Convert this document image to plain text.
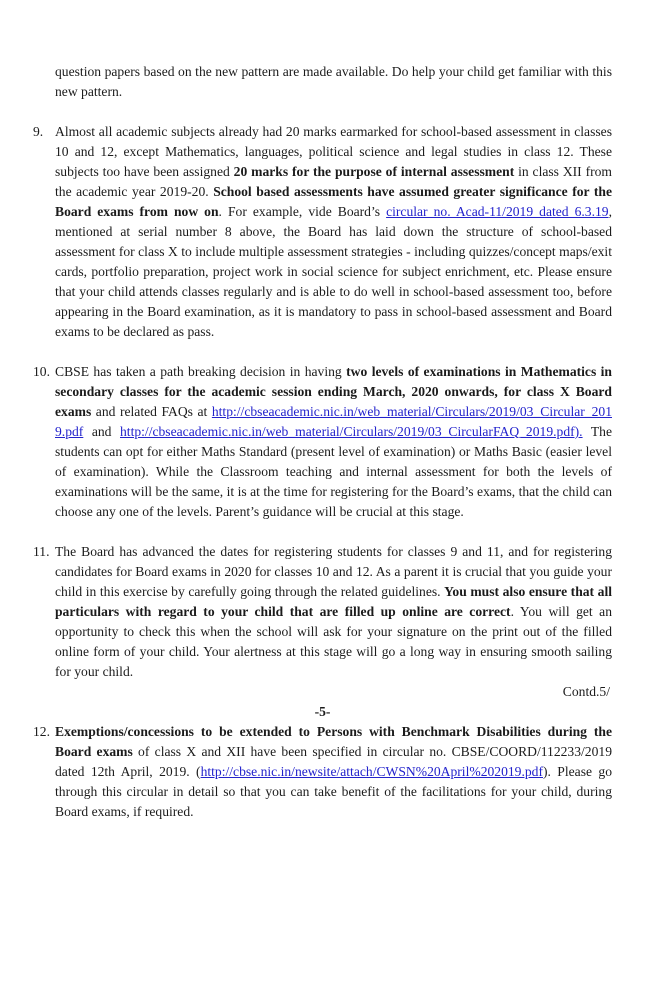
question papers based on the new pattern are made available. Do help your child get familiar with this new pattern.

9. Almost all academic subjects already had 20 marks earmarked for school-based assessment in classes 10 and 12, except Mathematics, languages, political science and legal studies in class 12. These subjects too have been assigned 20 marks for the purpose of internal assessment in class XII from the academic year 2019-20. School based assessments have assumed greater significance for the Board exams from now on. For example, vide Board’s circular no. Acad-11/2019 dated 6.3.19, mentioned at serial number 8 above, the Board has laid down the structure of school-based assessment for class X to include multiple assessment strategies - including quizzes/concept maps/exit cards, portfolio preparation, project work in social science for subject enrichment, etc. Please ensure that your child attends classes regularly and is able to do well in school-based assessment too, before appearing in the Board examination, as it is mandatory to pass in school-based assessment and Board exams to be declared as pass.

10. CBSE has taken a path breaking decision in having two levels of examinations in Mathematics in secondary classes for the academic session ending March, 2020 onwards, for class X Board exams and related FAQs at http://cbseacademic.nic.in/web_material/Circulars/2019/03_Circular_2019.pdf and http://cbseacademic.nic.in/web_material/Circulars/2019/03_CircularFAQ_2019.pdf). The students can opt for either Maths Standard (present level of examination) or Maths Basic (easier level of examination). While the Classroom teaching and internal assessment for both the levels of examinations will be the same, it is at the time for registering for the Board’s exams, that the child can choose any one of the levels. Parent’s guidance will be crucial at this stage.

11. The Board has advanced the dates for registering students for classes 9 and 11, and for registering candidates for Board exams in 2020 for classes 10 and 12. As a parent it is crucial that you guide your child in this exercise by carefully going through the related guidelines. You must also ensure that all particulars with regard to your child that are filled up online are correct. You will get an opportunity to check this when the school will ask for your signature on the print out of the filled online form of your child. Your alertness at this stage will go a long way in ensuring smooth sailing for your child.

Contd.5/
-5-
12. Exemptions/concessions to be extended to Persons with Benchmark Disabilities during the Board exams of class X and XII have been specified in circular no. CBSE/COORD/112233/2019 dated 12th April, 2019. (http://cbse.nic.in/newsite/attach/CWSN%20April%202019.pdf). Please go through this circular in detail so that you can take benefit of the facilitations for your child, during Board exams, if required.
